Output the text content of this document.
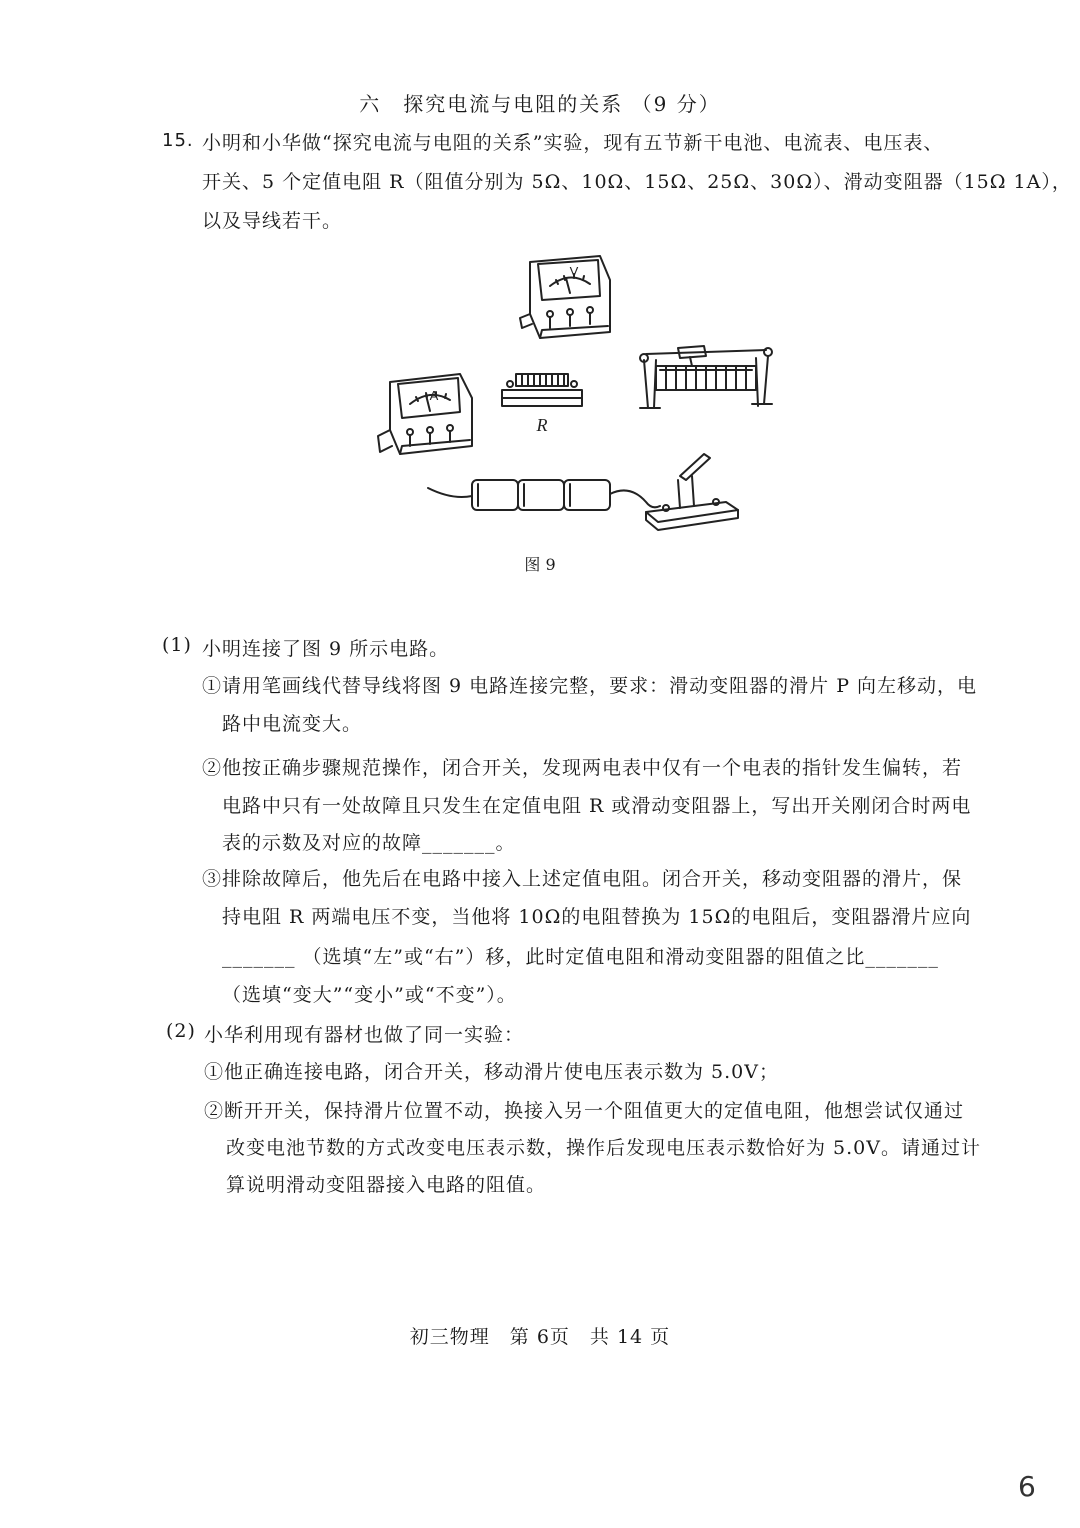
六　探究电流与电阻的关系 （9 分）
15. 小明和小华做“探究电流与电阻的关系”实验，现有五节新干电池、电流表、电压表、
开关、5 个定值电阻 R（阻值分别为 5Ω、10Ω、15Ω、25Ω、30Ω）、滑动变阻器（15Ω 1A），
以及导线若干。
V
A
R
图 9
(1) 小明连接了图 9 所示电路。
①请用笔画线代替导线将图 9 电路连接完整，要求：滑动变阻器的滑片 P 向左移动，电
路中电流变大。
②他按正确步骤规范操作，闭合开关，发现两电表中仅有一个电表的指针发生偏转，若
电路中只有一处故障且只发生在定值电阻 R 或滑动变阻器上，写出开关刚闭合时两电
表的示数及对应的故障_______。
③排除故障后，他先后在电路中接入上述定值电阻。闭合开关，移动变阻器的滑片，保
持电阻 R 两端电压不变，当他将 10Ω的电阻替换为 15Ω的电阻后，变阻器滑片应向
_______ （选填“左”或“右”）移，此时定值电阻和滑动变阻器的阻值之比_______
（选填“变大”“变小”或“不变”）。
(2) 小华利用现有器材也做了同一实验：
①他正确连接电路，闭合开关，移动滑片使电压表示数为 5.0V；
②断开开关，保持滑片位置不动，换接入另一个阻值更大的定值电阻，他想尝试仅通过
改变电池节数的方式改变电压表示数，操作后发现电压表示数恰好为 5.0V。请通过计
算说明滑动变阻器接入电路的阻值。
初三物理　第 6页　共 14 页
6
